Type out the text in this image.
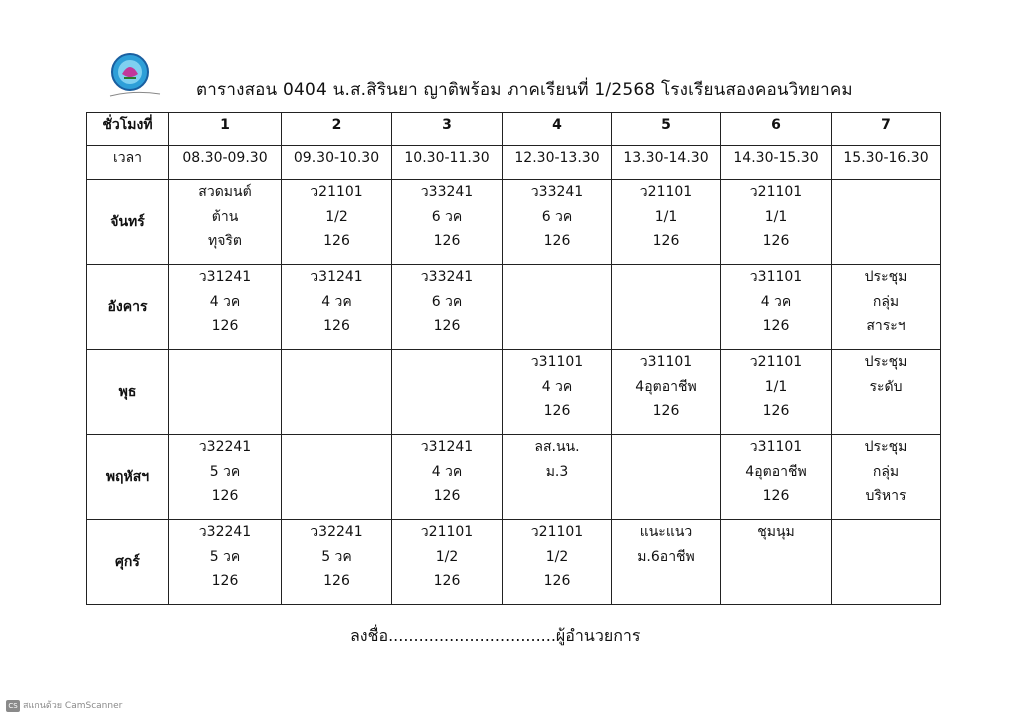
ตารางสอน 0404 น.ส.สิรินยา ญาติพร้อม ภาคเรียนที่ 1/2568 โรงเรียนสองคอนวิทยาคม
ชั่วโมงที่	1	2	3	4	5	6	7
เวลา	08.30-09.30	09.30-10.30	10.30-11.30	12.30-13.30	13.30-14.30	14.30-15.30	15.30-16.30
จันทร์	สวดมนต์
ต้าน
ทุจริต	ว21101
1/2
126	ว33241
6 วค
126	ว33241
6 วค
126	ว21101
1/1
126	ว21101
1/1
126	

อังคาร	ว31241
4 วค
126	ว31241
4 วค
126	ว33241
6 วค
126			ว31101
4 วค
126	ประชุม
กลุ่ม
สาระฯ

พุธ				ว31101
4 วค
126	ว31101
4อุตอาชีพ
126	ว21101
1/1
126	ประชุม
ระดับ

พฤหัสฯ	ว32241
5 วค
126		ว31241
4 วค
126	ลส.นน.
ม.3		ว31101
4อุตอาชีพ
126	ประชุม
กลุ่ม
บริหาร

ศุกร์	ว32241
5 วค
126	ว32241
5 วค
126	ว21101
1/2
126	ว21101
1/2
126	แนะแนว
ม.6อาชีพ	ชุมนุม	

ลงชื่อ.................................ผู้อำนวยการ
CS สแกนด้วย CamScanner
